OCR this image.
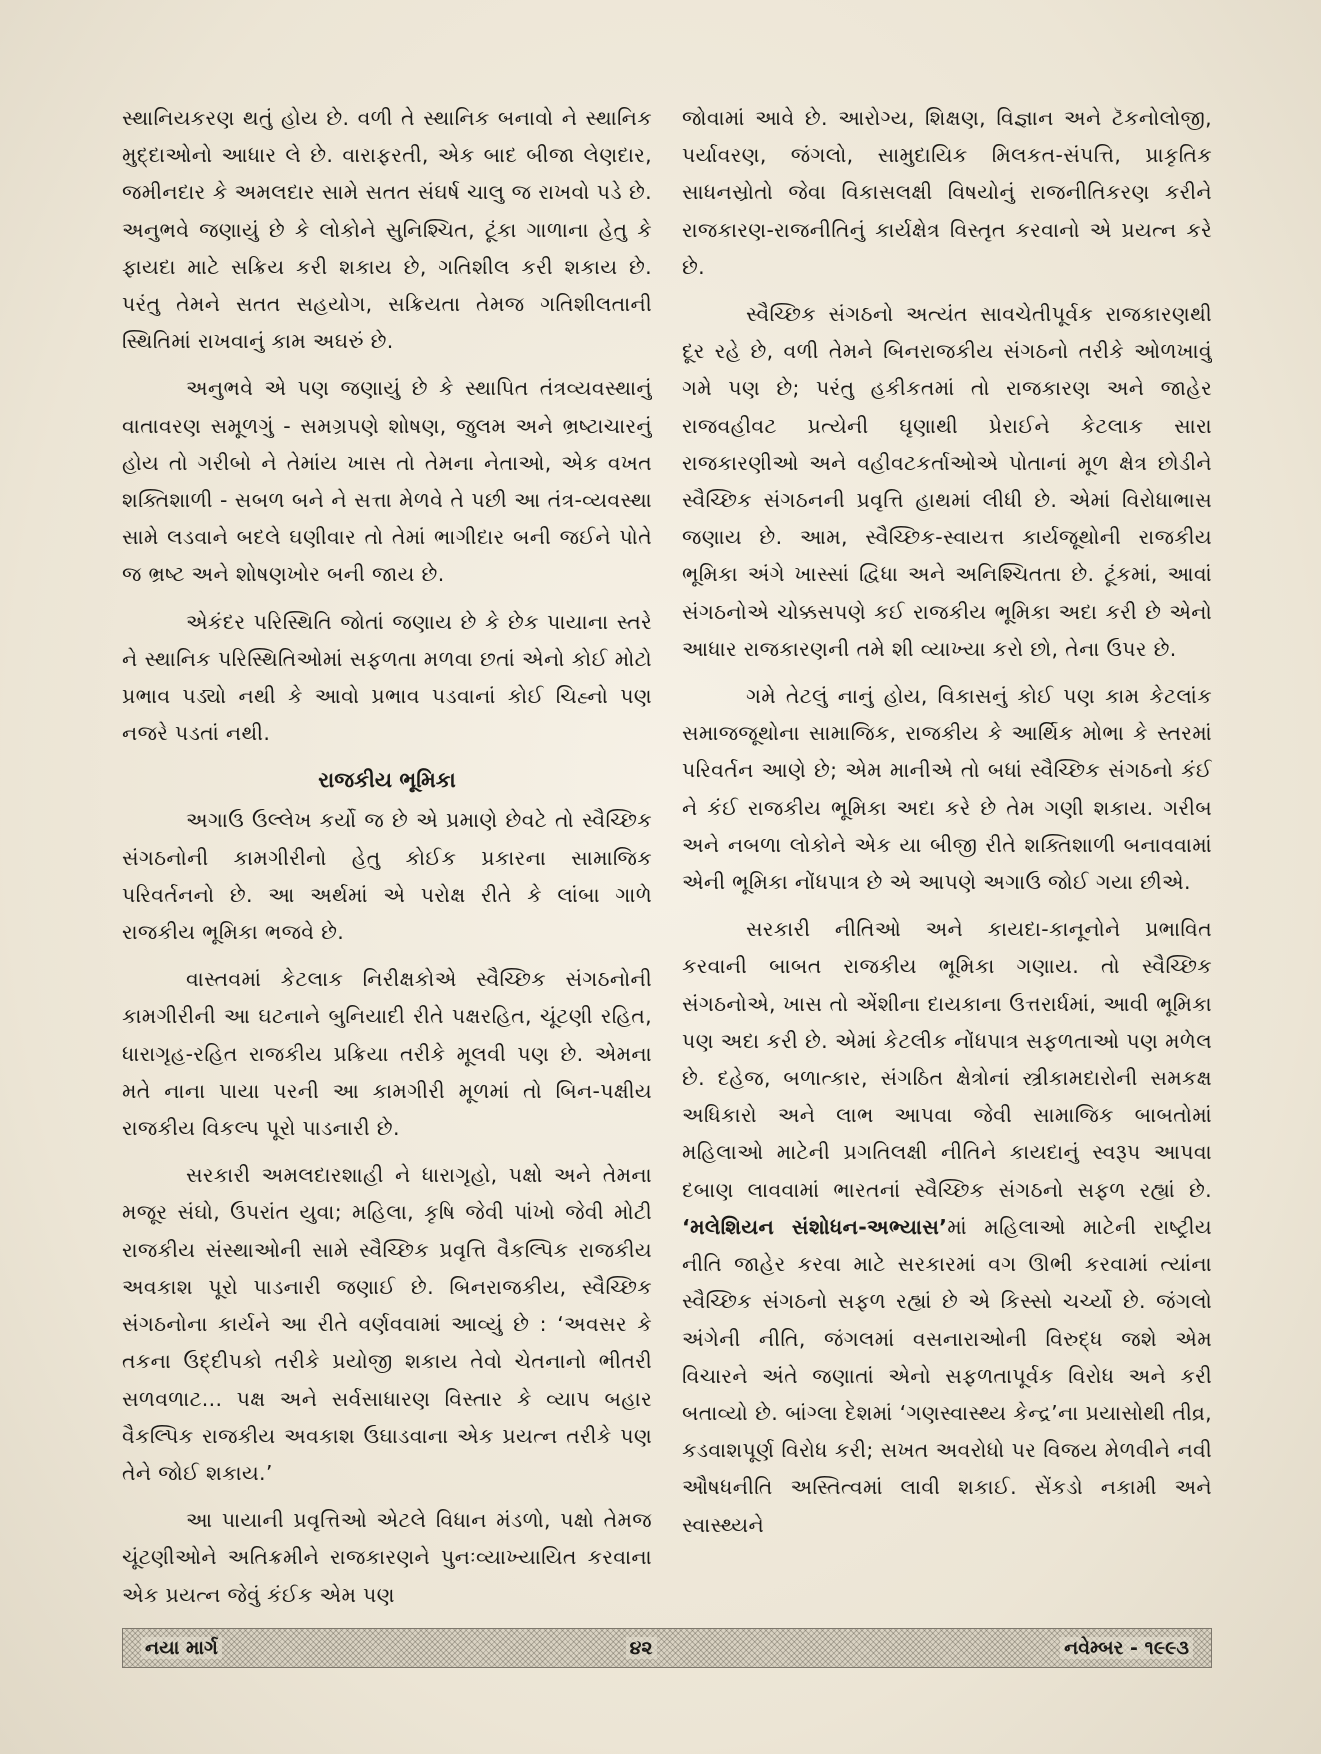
સ્થાનિયકરણ થતું હોય છે. વળી તે સ્થાનિક બનાવો ને સ્થાનિક મુદ્દાઓનો આધાર લે છે. વારાફરતી, એક બાદ બીજા લેણદાર, જમીનદાર કે અમલદાર સામે સતત સંઘર્ષ ચાલુ જ રાખવો પડે છે. અનુભવે જણાયું છે કે લોકોને સુનિશ્ચિત, ટૂંકા ગાળાના હેતુ કે ફાયદા માટે સક્રિય કરી શકાય છે, ગતિશીલ કરી શકાય છે. પરંતુ તેમને સતત સહયોગ, સક્રિયતા તેમજ ગતિશીલતાની સ્થિતિમાં રાખવાનું કામ અઘરું છે.

અનુભવે એ પણ જણાયું છે કે સ્થાપિત તંત્રવ્યવસ્થાનું વાતાવરણ સમૂળગું - સમગ્રપણે શોષણ, જુલમ અને ભ્રષ્ટાચારનું હોય તો ગરીબો ને તેમાંય ખાસ તો તેમના નેતાઓ, એક વખત શક્તિશાળી - સબળ બને ને સત્તા મેળવે તે પછી આ તંત્ર-વ્યવસ્થા સામે લડવાને બદલે ઘણીવાર તો તેમાં ભાગીદાર બની જઈને પોતે જ ભ્રષ્ટ અને શોષણખોર બની જાય છે.

એકંદર પરિસ્થિતિ જોતાં જણાય છે કે છેક પાયાના સ્તરે ને સ્થાનિક પરિસ્થિતિઓમાં સફળતા મળવા છતાં એનો કોઈ મોટો પ્રભાવ પડ્યો નથી કે આવો પ્રભાવ પડવાનાં કોઈ ચિહ્નો પણ નજરે પડતાં નથી.

રાજકીય ભૂમિકા

અગાઉ ઉલ્લેખ કર્યો જ છે એ પ્રમાણે છેવટે તો સ્વૈચ્છિક સંગઠનોની કામગીરીનો હેતુ કોઈક પ્રકારના સામાજિક પરિવર્તનનો છે. આ અર્થમાં એ પરોક્ષ રીતે કે લાંબા ગાળે રાજકીય ભૂમિકા ભજવે છે.

વાસ્તવમાં કેટલાક નિરીક્ષકોએ સ્વૈચ્છિક સંગઠનોની કામગીરીની આ ઘટનાને બુનિયાદી રીતે પક્ષરહિત, ચૂંટણી રહિત, ધારાગૃહ-રહિત રાજકીય પ્રક્રિયા તરીકે મૂલવી પણ છે. એમના મતે નાના પાયા પરની આ કામગીરી મૂળમાં તો બિન-પક્ષીય રાજકીય વિકલ્પ પૂરો પાડનારી છે.

સરકારી અમલદારશાહી ને ધારાગૃહો, પક્ષો અને તેમના મજૂર સંઘો, ઉપરાંત યુવા; મહિલા, કૃષિ જેવી પાંખો જેવી મોટી રાજકીય સંસ્થાઓની સામે સ્વૈચ્છિક પ્રવૃત્તિ વૈકલ્પિક રાજકીય અવકાશ પૂરો પાડનારી જણાઈ છે. બિનરાજકીય, સ્વૈચ્છિક સંગઠનોના કાર્યને આ રીતે વર્ણવવામાં આવ્યું છે : ‘અવસર કે તકના ઉદ્દીપકો તરીકે પ્રયોજી શકાય તેવો ચેતનાનો ભીતરી સળવળાટ... પક્ષ અને સર્વસાધારણ વિસ્તાર કે વ્યાપ બહાર વૈકલ્પિક રાજકીય અવકાશ ઉઘાડવાના એક પ્રયત્ન તરીકે પણ તેને જોઈ શકાય.’

આ પાયાની પ્રવૃત્તિઓ એટલે વિધાન મંડળો, પક્ષો તેમજ ચૂંટણીઓને અતિક્રમીને રાજકારણને પુનઃવ્યાખ્યાયિત કરવાના એક પ્રયત્ન જેવું કંઈક એમ પણ

જોવામાં આવે છે. આરોગ્ય, શિક્ષણ, વિજ્ઞાન અને ટૅકનોલોજી, પર્યાવરણ, જંગલો, સામુદાયિક મિલકત-સંપત્તિ, પ્રાકૃતિક સાધનસ્રોતો જેવા વિકાસલક્ષી વિષયોનું રાજનીતિકરણ કરીને રાજકારણ-રાજનીતિનું કાર્યક્ષેત્ર વિસ્તૃત કરવાનો એ પ્રયત્ન કરે છે.

સ્વૈચ્છિક સંગઠનો અત્યંત સાવચેતીપૂર્વક રાજકારણથી દૂર રહે છે, વળી તેમને બિનરાજકીય સંગઠનો તરીકે ઓળખાવું ગમે પણ છે; પરંતુ હકીકતમાં તો રાજકારણ અને જાહેર રાજવહીવટ પ્રત્યેની ઘૃણાથી પ્રેરાઈને કેટલાક સારા રાજકારણીઓ અને વહીવટકર્તાઓએ પોતાનાં મૂળ ક્ષેત્ર છોડીને સ્વૈચ્છિક સંગઠનની પ્રવૃત્તિ હાથમાં લીધી છે. એમાં વિરોધાભાસ જણાય છે. આમ, સ્વૈચ્છિક-સ્વાયત્ત કાર્યજૂથોની રાજકીય ભૂમિકા અંગે ખાસ્સાં દ્વિધા અને અનિશ્ચિતતા છે. ટૂંકમાં, આવાં સંગઠનોએ ચોક્કસપણે કઈ રાજકીય ભૂમિકા અદા કરી છે એનો આધાર રાજકારણની તમે શી વ્યાખ્યા કરો છો, તેના ઉપર છે.

ગમે તેટલું નાનું હોય, વિકાસનું કોઈ પણ કામ કેટલાંક સમાજજૂથોના સામાજિક, રાજકીય કે આર્થિક મોભા કે સ્તરમાં પરિવર્તન આણે છે; એમ માનીએ તો બધાં સ્વૈચ્છિક સંગઠનો કંઈ ને કંઈ રાજકીય ભૂમિકા અદા કરે છે તેમ ગણી શકાય. ગરીબ અને નબળા લોકોને એક યા બીજી રીતે શક્તિશાળી બનાવવામાં એની ભૂમિકા નોંધપાત્ર છે એ આપણે અગાઉ જોઈ ગયા છીએ.

સરકારી નીતિઓ અને કાયદા-કાનૂનોને પ્રભાવિત કરવાની બાબત રાજકીય ભૂમિકા ગણાય. તો સ્વૈચ્છિક સંગઠનોએ, ખાસ તો એંશીના દાયકાના ઉત્તરાર્ધમાં, આવી ભૂમિકા પણ અદા કરી છે. એમાં કેટલીક નોંધપાત્ર સફળતાઓ પણ મળેલ છે. દહેજ, બળાત્કાર, સંગઠિત ક્ષેત્રોનાં સ્ત્રીકામદારોની સમકક્ષ અધિકારો અને લાભ આપવા જેવી સામાજિક બાબતોમાં મહિલાઓ માટેની પ્રગતિલક્ષી નીતિને કાયદાનું સ્વરૂપ આપવા દબાણ લાવવામાં ભારતનાં સ્વૈચ્છિક સંગઠનો સફળ રહ્યાં છે. ‘મલેશિયન સંશોધન-અભ્યાસ’માં મહિલાઓ માટેની રાષ્ટ્રીય નીતિ જાહેર કરવા માટે સરકારમાં વગ ઊભી કરવામાં ત્યાંના સ્વૈચ્છિક સંગઠનો સફળ રહ્યાં છે એ કિસ્સો ચર્ચ્યો છે. જંગલો અંગેની નીતિ, જંગલમાં વસનારાઓની વિરુદ્ધ જશે એમ વિચારને અંતે જણાતાં એનો સફળતાપૂર્વક વિરોધ અને કરી બતાવ્યો છે. બાંગ્લા દેશમાં ‘ગણસ્વાસ્થ્ય કેન્દ્ર’ના પ્રયાસોથી તીવ્ર, કડવાશપૂર્ણ વિરોધ કરી; સખત અવરોધો પર વિજય મેળવીને નવી ઔષધનીતિ અસ્તિત્વમાં લાવી શકાઈ. સેંકડો નકામી અને સ્વાસ્થ્યને

નયા માર્ગ	૪૨	નવેમ્બર - ૧૯૯૩
